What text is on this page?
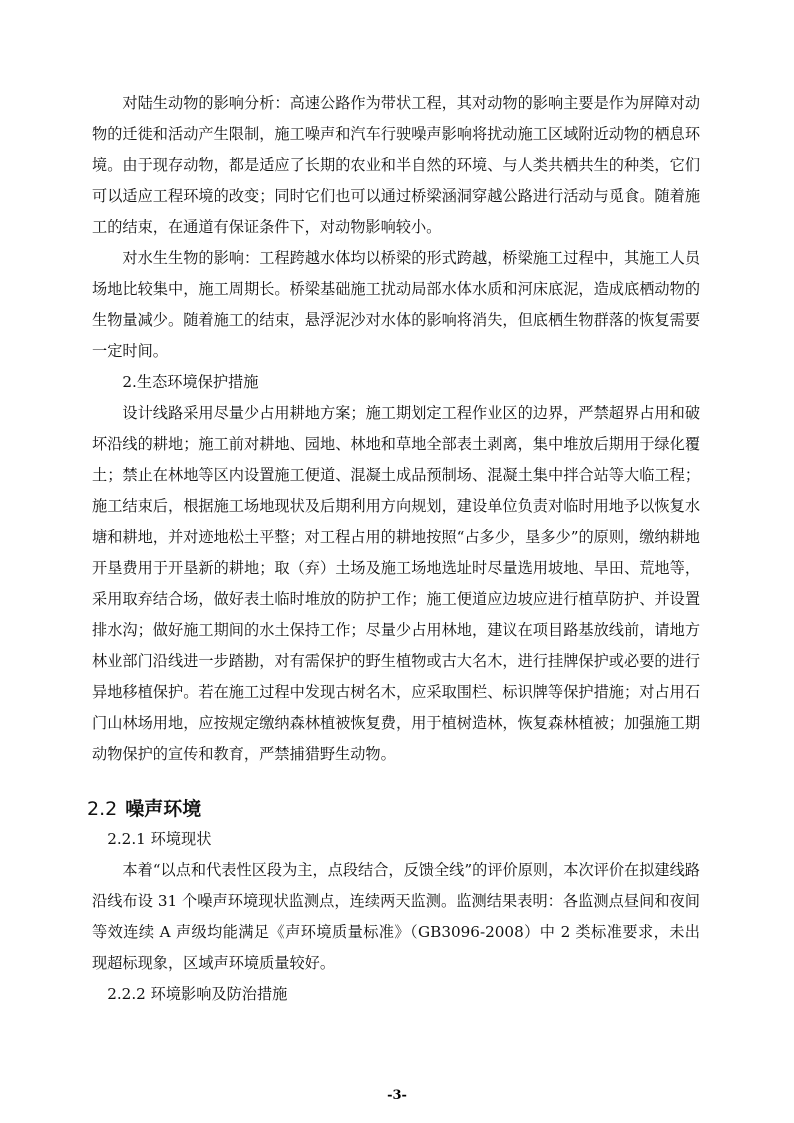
对陆生动物的影响分析：高速公路作为带状工程，其对动物的影响主要是作为屏障对动物的迁徙和活动产生限制，施工噪声和汽车行驶噪声影响将扰动施工区域附近动物的栖息环境。由于现存动物，都是适应了长期的农业和半自然的环境、与人类共栖共生的种类，它们可以适应工程环境的改变；同时它们也可以通过桥梁涵洞穿越公路进行活动与觅食。随着施工的结束，在通道有保证条件下，对动物影响较小。

对水生生物的影响：工程跨越水体均以桥梁的形式跨越，桥梁施工过程中，其施工人员场地比较集中，施工周期长。桥梁基础施工扰动局部水体水质和河床底泥，造成底栖动物的生物量减少。随着施工的结束，悬浮泥沙对水体的影响将消失，但底栖生物群落的恢复需要一定时间。

2.生态环境保护措施

设计线路采用尽量少占用耕地方案；施工期划定工程作业区的边界，严禁超界占用和破坏沿线的耕地；施工前对耕地、园地、林地和草地全部表土剥离，集中堆放后期用于绿化覆土；禁止在林地等区内设置施工便道、混凝土成品预制场、混凝土集中拌合站等大临工程；施工结束后，根据施工场地现状及后期利用方向规划，建设单位负责对临时用地予以恢复水塘和耕地，并对迹地松土平整；对工程占用的耕地按照“占多少，垦多少”的原则，缴纳耕地开垦费用于开垦新的耕地；取（弃）土场及施工场地选址时尽量选用坡地、旱田、荒地等，采用取弃结合场，做好表土临时堆放的防护工作；施工便道应边坡应进行植草防护、并设置排水沟；做好施工期间的水土保持工作；尽量少占用林地，建议在项目路基放线前，请地方林业部门沿线进一步踏勘，对有需保护的野生植物或古大名木，进行挂牌保护或必要的进行异地移植保护。若在施工过程中发现古树名木，应采取围栏、标识牌等保护措施；对占用石门山林场用地，应按规定缴纳森林植被恢复费，用于植树造林，恢复森林植被；加强施工期动物保护的宣传和教育，严禁捕猎野生动物。

2.2 噪声环境

2.2.1 环境现状

本着“以点和代表性区段为主，点段结合，反馈全线”的评价原则，本次评价在拟建线路沿线布设 31 个噪声环境现状监测点，连续两天监测。监测结果表明：各监测点昼间和夜间等效连续 A 声级均能满足《声环境质量标准》（GB3096-2008）中 2 类标准要求，未出现超标现象，区域声环境质量较好。

2.2.2 环境影响及防治措施

-3-
